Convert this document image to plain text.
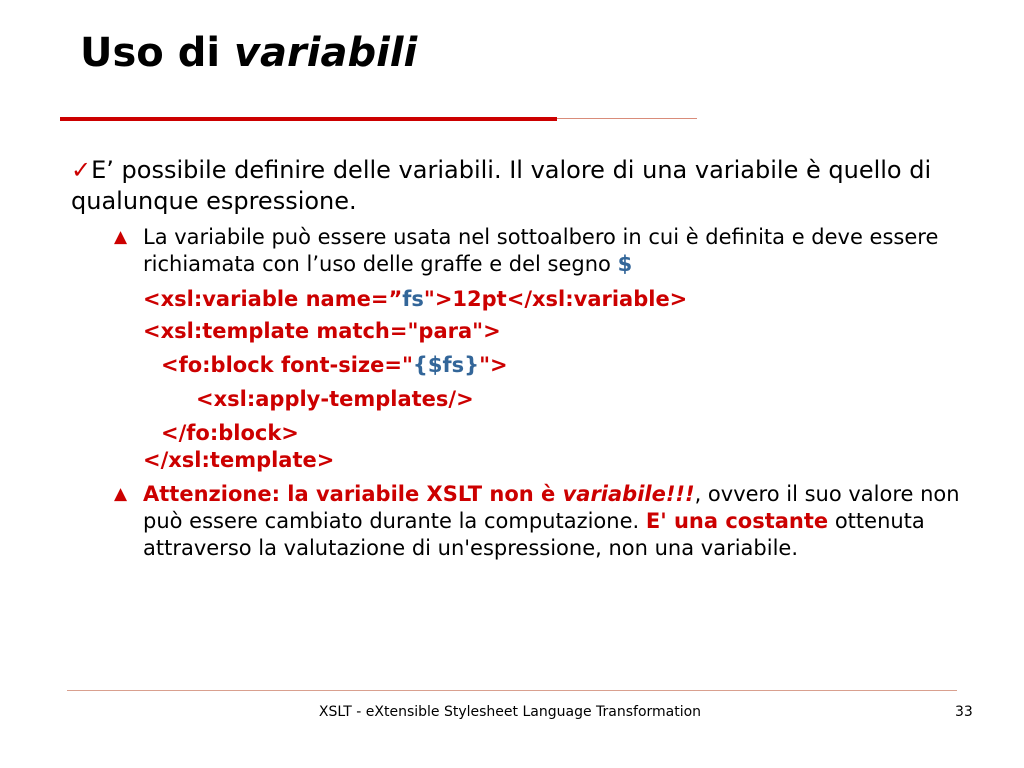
Uso di variabili
✓E’ possibile definire delle variabili. Il valore di una variabile è quello di qualunque espressione.
▲ La variabile può essere usata nel sottoalbero in cui è definita e deve essere richiamata con l’uso delle graffe e del segno $
<xsl:variable name=”fs">12pt</xsl:variable>
<xsl:template match="para">
<fo:block font-size="{$fs}">
<xsl:apply-templates/>
</fo:block>
</xsl:template>
▲ Attenzione: la variabile XSLT non è variabile!!!, ovvero il suo valore non può essere cambiato durante la computazione. E' una costante ottenuta attraverso la valutazione di un'espressione, non una variabile.
XSLT - eXtensible Stylesheet Language Transformation	33
